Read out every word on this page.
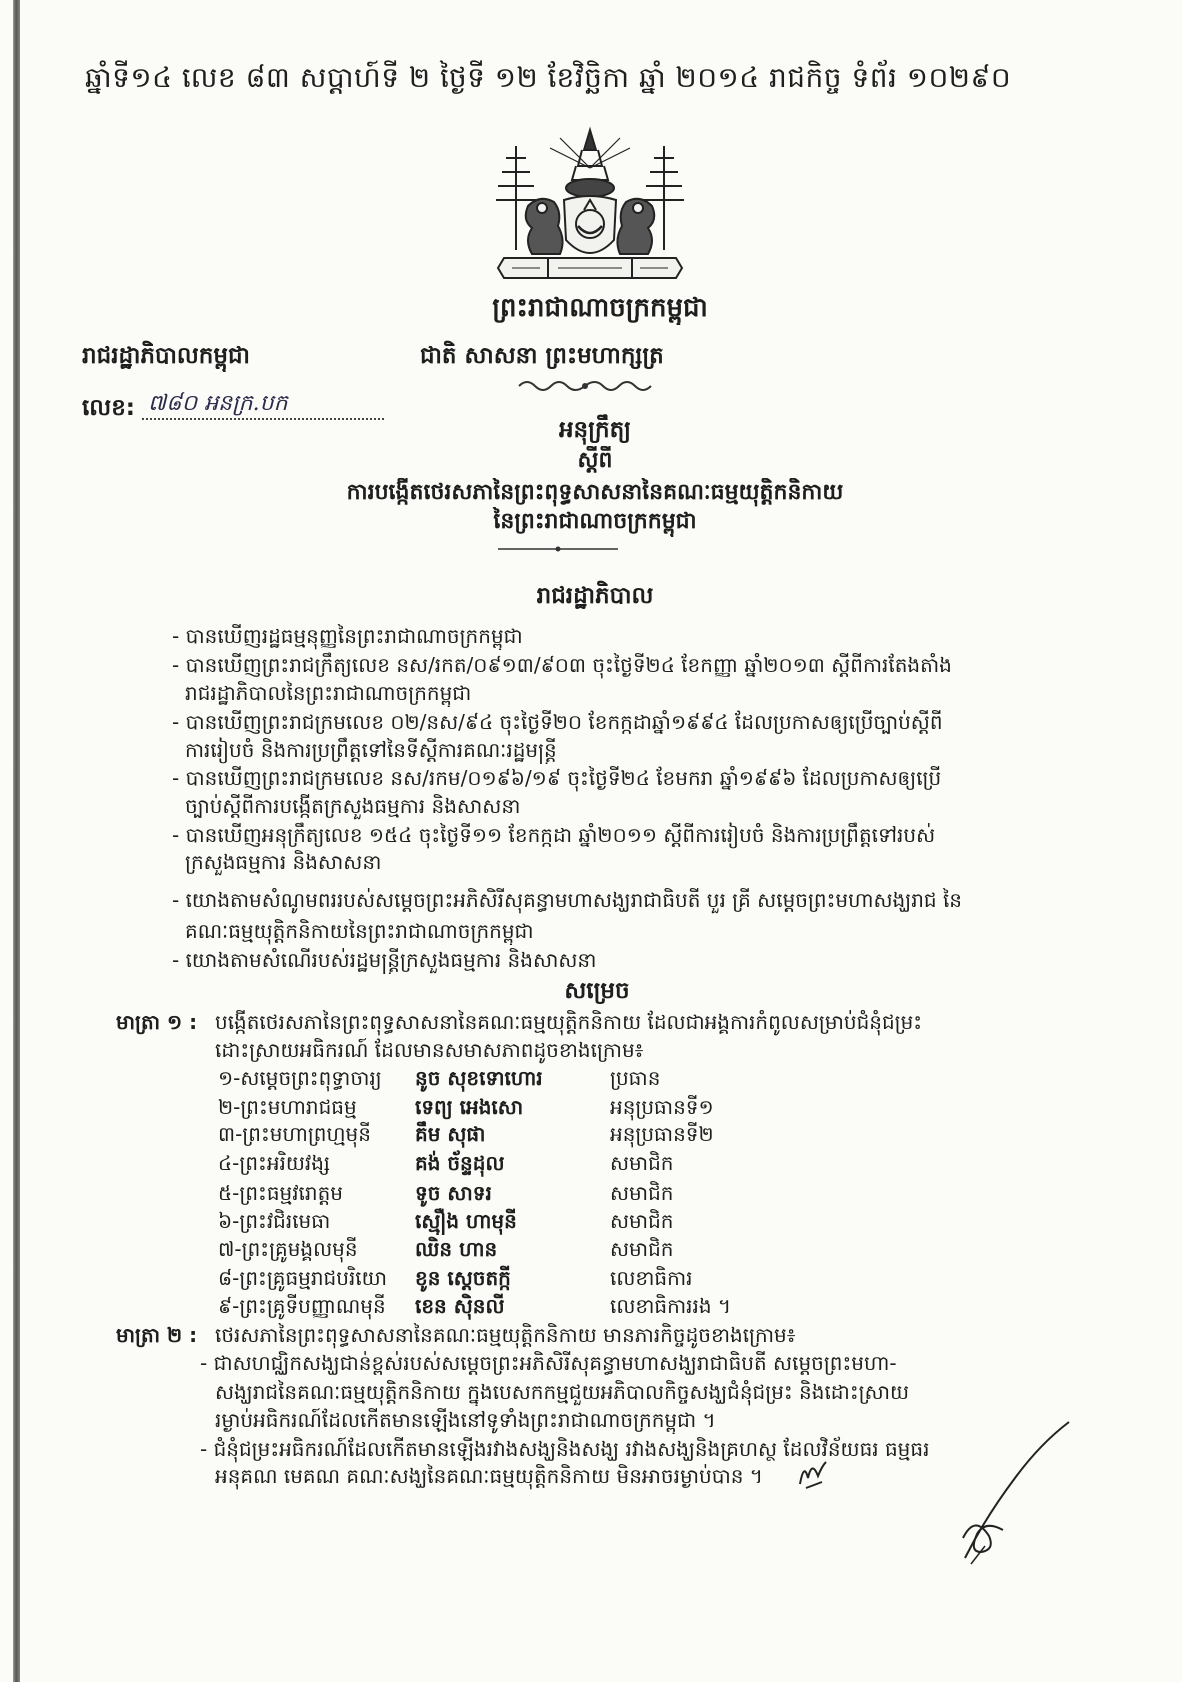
ឆ្នាំទី១៤ លេខ ៨៣ សប្តាហ៍ទី ២ ថ្ងៃទី ១២ ខែវិច្ឆិកា ឆ្នាំ ២០១៤ រាជកិច្ច ទំព័រ ១០២៩០
ព្រះរាជាណាចក្រកម្ពុជា
រាជរដ្ឋាភិបាលកម្ពុជា	ជាតិ សាសនា ព្រះមហាក្សត្រ
លេខ: ៧៨០ អនក្រ.បក
អនុក្រឹត្យ
ស្តីពី
ការបង្កើតថេរសភានៃព្រះពុទ្ធសាសនានៃគណៈធម្មយុត្តិកនិកាយ
នៃព្រះរាជាណាចក្រកម្ពុជា
រាជរដ្ឋាភិបាល
- បានឃើញរដ្ឋធម្មនុញ្ញនៃព្រះរាជាណាចក្រកម្ពុជា
- បានឃើញព្រះរាជក្រឹត្យលេខ នស/រកត/០៩១៣/៩០៣ ចុះថ្ងៃទី២៤ ខែកញ្ញា ឆ្នាំ២០១៣ ស្តីពីការតែងតាំង
រាជរដ្ឋាភិបាលនៃព្រះរាជាណាចក្រកម្ពុជា
- បានឃើញព្រះរាជក្រមលេខ ០២/នស/៩៤ ចុះថ្ងៃទី២០ ខែកក្កដាឆ្នាំ១៩៩៤ ដែលប្រកាសឲ្យប្រើច្បាប់ស្តីពី
ការរៀបចំ និងការប្រព្រឹត្តទៅនៃទីស្តីការគណៈរដ្ឋមន្ត្រី
- បានឃើញព្រះរាជក្រមលេខ នស/រកម/០១៩៦/១៩ ចុះថ្ងៃទី២៤ ខែមករា ឆ្នាំ១៩៩៦ ដែលប្រកាសឲ្យប្រើ
ច្បាប់ស្តីពីការបង្កើតក្រសួងធម្មការ និងសាសនា
- បានឃើញអនុក្រឹត្យលេខ ១៥៤ ចុះថ្ងៃទី១១ ខែកក្កដា ឆ្នាំ២០១១ ស្តីពីការរៀបចំ និងការប្រព្រឹត្តទៅរបស់
ក្រសួងធម្មការ និងសាសនា
- យោងតាមសំណូមពររបស់សម្តេចព្រះអភិសិរីសុគន្ធាមហាសង្ឃរាជាធិបតី បួរ គ្រី សម្តេចព្រះមហាសង្ឃរាជ នៃ
គណៈធម្មយុត្តិកនិកាយនៃព្រះរាជាណាចក្រកម្ពុជា
- យោងតាមសំណើរបស់រដ្ឋមន្ត្រីក្រសួងធម្មការ និងសាសនា
សម្រេច
មាត្រា ១ : បង្កើតថេរសភានៃព្រះពុទ្ធសាសនានៃគណៈធម្មយុត្តិកនិកាយ ដែលជាអង្គការកំពូលសម្រាប់ជំនុំជម្រះ
ដោះស្រាយអធិករណ៍ ដែលមានសមាសភាពដូចខាងក្រោម៖
១-សម្តេចព្រះពុទ្ធាចារ្យ	នូច សុខទោហោរ	ប្រធាន
២-ព្រះមហារាជធម្ម	ទេព្យ អេងសោ	អនុប្រធានទី១
៣-ព្រះមហាព្រហ្មមុនី	គឹម សុផា	អនុប្រធានទី២
៤-ព្រះអរិយវង្ស	គង់ ច័ន្ទដុល	សមាជិក
៥-ព្រះធម្មវរោត្តម	ទូច សាទរ	សមាជិក
៦-ព្រះវជិរមេធា	ស្មឿង ហាមុនី	សមាជិក
៧-ព្រះគ្រូមង្គលមុនី	ឈិន ហាន	សមាជិក
៨-ព្រះគ្រូធម្មរាជបរិយោ	ខូន ស្តេចតក្កី	លេខាធិការ
៩-ព្រះគ្រូទីបញ្ញាណមុនី	ខេន ស៊ិនលី	លេខាធិការរង ។
មាត្រា ២ : ថេរសភានៃព្រះពុទ្ធសាសនានៃគណៈធម្មយុត្តិកនិកាយ មានភារកិច្ចដូចខាងក្រោម៖
- ជាសហជ្ឈិកសង្ឃជាន់ខ្ពស់របស់សម្តេចព្រះអភិសិរីសុគន្ធាមហាសង្ឃរាជាធិបតី សម្តេចព្រះមហា-
សង្ឃរាជនៃគណៈធម្មយុត្តិកនិកាយ ក្នុងបេសកកម្មជួយអភិបាលកិច្ចសង្ឃជំនុំជម្រះ និងដោះស្រាយ
រម្ងាប់អធិករណ៍ដែលកើតមានឡើងនៅទូទាំងព្រះរាជាណាចក្រកម្ពុជា ។
- ជំនុំជម្រះអធិករណ៍ដែលកើតមានឡើងរវាងសង្ឃនិងសង្ឃ រវាងសង្ឃនិងគ្រហស្ថ ដែលវិន័យធរ ធម្មធរ
អនុគណ មេគណ គណៈសង្ឃនៃគណៈធម្មយុត្តិកនិកាយ មិនអាចរម្ងាប់បាន ។
